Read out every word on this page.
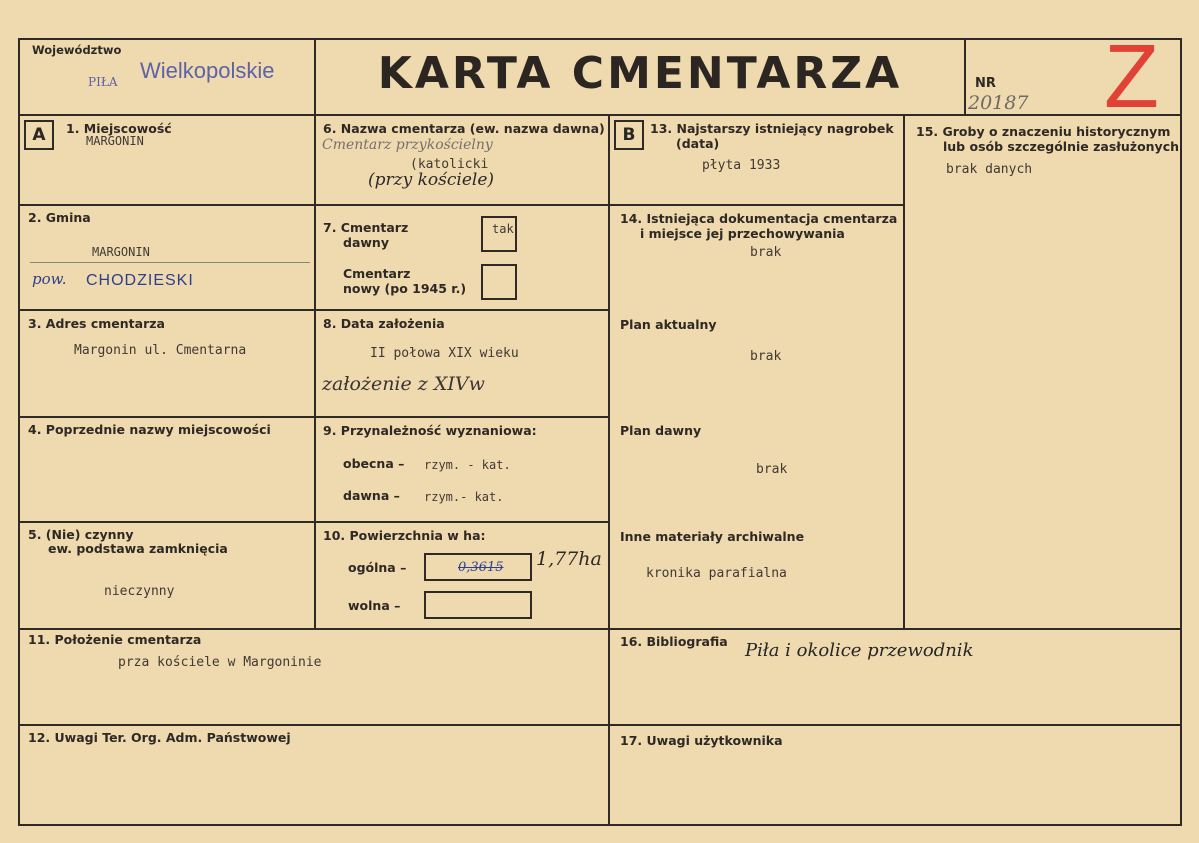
Województwo
PIŁA Wielkopolskie	KARTA CMENTARZA	NR
20187 Z
A	1. Miejscowość
MARGONIN
2. Gmina
MARGONIN
pow. CHODZIESKI
3. Adres cmentarza
Margonin ul. Cmentarna
4. Poprzednie nazwy miejscowości
5. (Nie) czynny
ew. podstawa zamknięcia
nieczynny
6. Nazwa cmentarza (ew. nazwa dawna)
Cmentarz przykościelny
(katolicki
(przy kościele)
7. Cmentarz
dawny
tak
Cmentarz
nowy (po 1945 r.)
8. Data założenia
II połowa XIX wieku
założenie z XIVw
9. Przynależność wyznaniowa:
obecna – rzym. - kat.
dawna – rzym.- kat.
10. Powierzchnia w ha:
ogólna –	0,3615 1,77ha
wolna –
B	13. Najstarszy istniejący nagrobek
(data)
płyta 1933
14. Istniejąca dokumentacja cmentarza
i miejsce jej przechowywania
brak
Plan aktualny
brak
Plan dawny
brak
Inne materiały archiwalne
kronika parafialna
15. Groby o znaczeniu historycznym
lub osób szczególnie zasłużonych
brak danych
11. Położenie cmentarza
prza kościele w Margoninie
16. Bibliografia Piła i okolice przewodnik
12. Uwagi Ter. Org. Adm. Państwowej	17. Uwagi użytkownika
